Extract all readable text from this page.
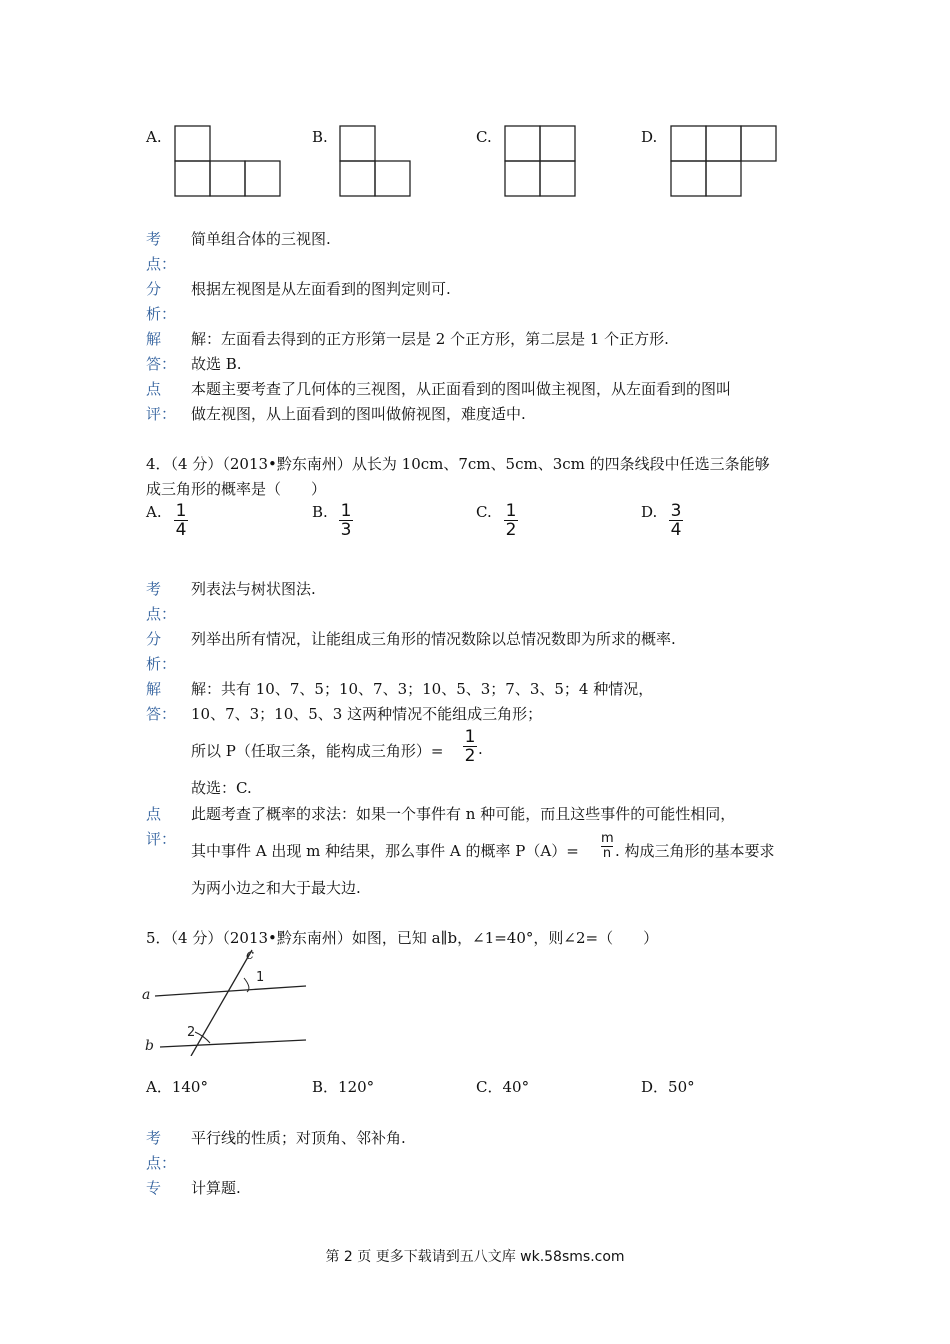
A.	B.	C.	D.
考
点：
简单组合体的三视图.
分
析：
根据左视图是从左面看到的图判定则可.
解
答：
解：左面看去得到的正方形第一层是 2 个正方形，第二层是 1 个正方形.
故选 B.
点
评：
本题主要考查了几何体的三视图，从正面看到的图叫做主视图，从左面看到的图叫
做左视图，从上面看到的图叫做俯视图，难度适中.
4．（4 分）（2013•黔东南州）从长为 10cm、7cm、5cm、3cm 的四条线段中任选三条能够
成三角形的概率是（　　）
A. 1
4
B. 1
3
C. 1
2
D. 3
4
考
点：
列表法与树状图法.
分
析：
列举出所有情况，让能组成三角形的情况数除以总情况数即为所求的概率.
解
答：
解：共有 10、7、5；10、7、3；10、5、3；7、3、5；4 种情况，
10、7、3；10、5、3 这两种情况不能组成三角形；
所以 P（任取三条，能构成三角形）=
1
2 .
故选：C.
点
评：
此题考查了概率的求法：如果一个事件有 n 种可能，而且这些事件的可能性相同，
其中事件 A 出现 m 种结果，那么事件 A 的概率 P（A）=
m
n . 构成三角形的基本要求
为两小边之和大于最大边.
5．（4 分）（2013•黔东南州）如图，已知 a∥b，∠1=40°，则∠2=（　　）
c
a
b
1
2
A．140°	B．120°	C．40°	D．50°
考
点：
平行线的性质；对顶角、邻补角.
专 计算题.
第 2 页 更多下载请到五八文库 wk.58sms.com
